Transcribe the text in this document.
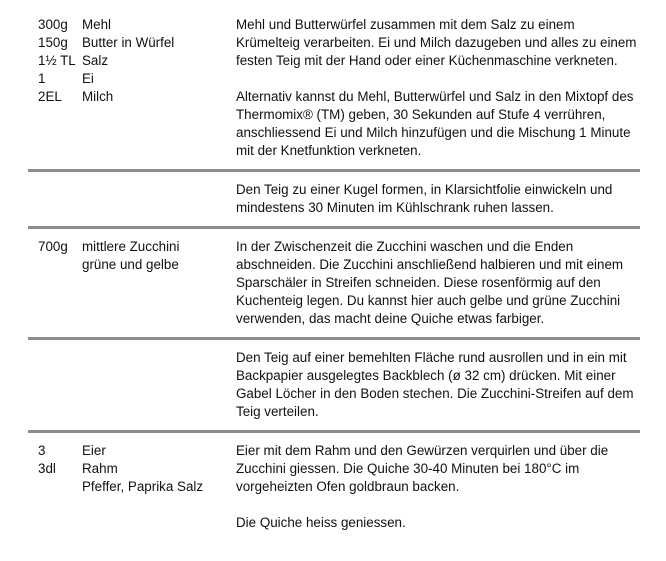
300g	Mehl
150g	Butter in Würfel
1½ TL Salz
1	Ei
2EL	Milch

Mehl und Butterwürfel zusammen mit dem Salz zu einem Krümelteig verarbeiten. Ei und Milch dazugeben und alles zu einem festen Teig mit der Hand oder einer Küchenmaschine verkneten.

Alternativ kannst du Mehl, Butterwürfel und Salz in den Mixtopf des Thermomix® (TM) geben, 30 Sekunden auf Stufe 4 verrühren, anschliessend Ei und Milch hinzufügen und die Mischung 1 Minute mit der Knetfunktion verkneten.

Den Teig zu einer Kugel formen, in Klarsichtfolie einwickeln und mindestens 30 Minuten im Kühlschrank ruhen lassen.

700g	mittlere Zucchini
grüne und gelbe

In der Zwischenzeit die Zucchini waschen und die Enden abschneiden. Die Zucchini anschließend halbieren und mit einem Sparschäler in Streifen schneiden. Diese rosenförmig auf den Kuchenteig legen. Du kannst hier auch gelbe und grüne Zucchini verwenden, das macht deine Quiche etwas farbiger.

Den Teig auf einer bemehlten Fläche rund ausrollen und in ein mit Backpapier ausgelegtes Backblech (ø 32 cm) drücken. Mit einer Gabel Löcher in den Boden stechen. Die Zucchini-Streifen auf dem Teig verteilen.

3	Eier
3dl	Rahm
Pfeffer, Paprika Salz

Eier mit dem Rahm und den Gewürzen verquirlen und über die Zucchini giessen. Die Quiche 30-40 Minuten bei 180°C im vorgeheizten Ofen goldbraun backen.

Die Quiche heiss geniessen.
